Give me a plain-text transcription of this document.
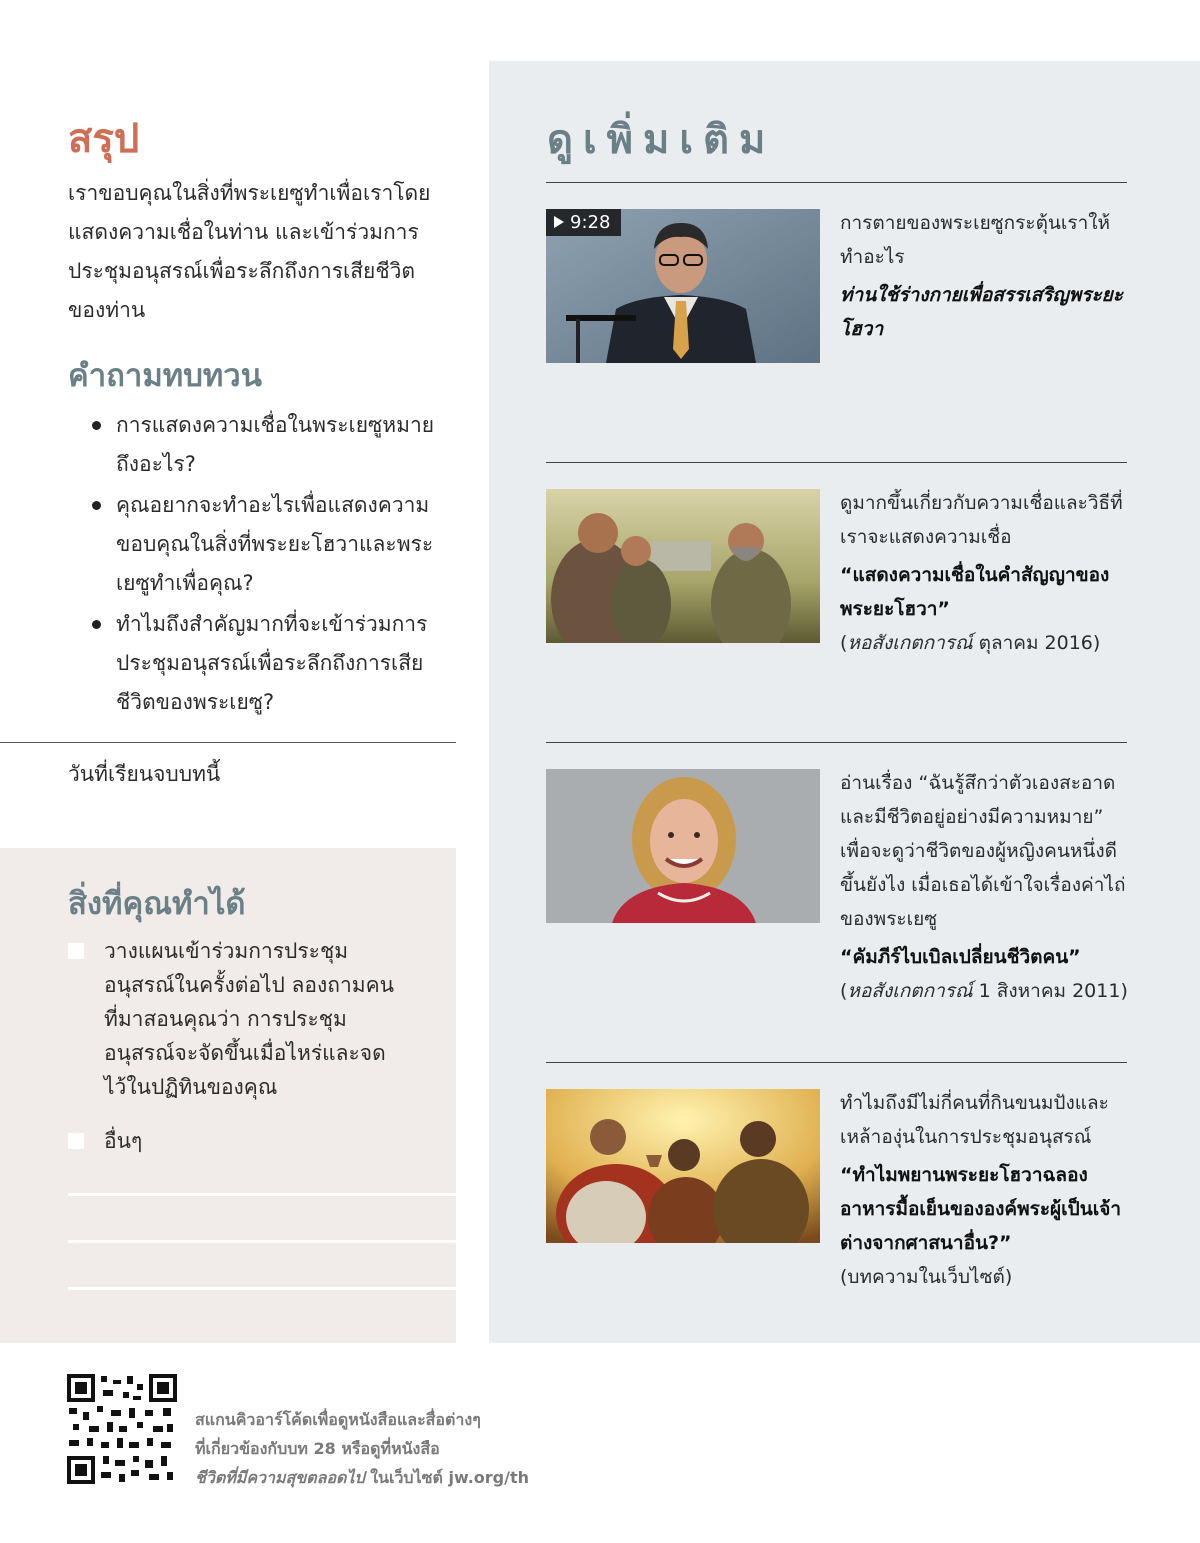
สรุป

เราขอบคุณในสิ่งที่พระเยซูทำเพื่อเราโดยแสดงความเชื่อในท่าน และเข้าร่วมการประชุมอนุสรณ์เพื่อระลึกถึงการเสียชีวิตของท่าน

คำถามทบทวน
การแสดงความเชื่อในพระเยซูหมายถึงอะไร?
คุณอยากจะทำอะไรเพื่อแสดงความขอบคุณในสิ่งที่พระยะโฮวาและพระเยซูทำเพื่อคุณ?
ทำไมถึงสำคัญมากที่จะเข้าร่วมการประชุมอนุสรณ์เพื่อระลึกถึงการเสียชีวิตของพระเยซู?
วันที่เรียนจบบทนี้
สิ่งที่คุณทำได้
วางแผนเข้าร่วมการประชุมอนุสรณ์ในครั้งต่อไป ลองถามคนที่มาสอนคุณว่า การประชุมอนุสรณ์จะจัดขึ้นเมื่อไหร่และจดไว้ในปฏิทินของคุณ
อื่นๆ
ดูเพิ่มเติม
9:28	การตายของพระเยซูกระตุ้นเราให้ทำอะไร
ท่านใช้ร่างกายเพื่อสรรเสริญพระยะโฮวา
ดูมากขึ้นเกี่ยวกับความเชื่อและวิธีที่เราจะแสดงความเชื่อ
“แสดงความเชื่อในคำสัญญาของพระยะโฮวา”
(หอสังเกตการณ์ ตุลาคม 2016)
อ่านเรื่อง “ฉันรู้สึกว่าตัวเองสะอาด และมีชีวิตอยู่อย่างมีความหมาย” เพื่อจะดูว่าชีวิตของผู้หญิงคนหนึ่งดีขึ้นยังไง เมื่อเธอได้เข้าใจเรื่องค่าไถ่ของพระเยซู
“คัมภีร์ไบเบิลเปลี่ยนชีวิตคน”
(หอสังเกตการณ์ 1 สิงหาคม 2011)
ทำไมถึงมีไม่กี่คนที่กินขนมปังและเหล้าองุ่นในการประชุมอนุสรณ์
“ทำไมพยานพระยะโฮวาฉลองอาหารมื้อเย็นขององค์พระผู้เป็นเจ้าต่างจากศาสนาอื่น?”
(บทความในเว็บไซต์)
สแกนคิวอาร์โค้ดเพื่อดูหนังสือและสื่อต่างๆ
ที่เกี่ยวข้องกับบท 28 หรือดูที่หนังสือ
ชีวิตที่มีความสุขตลอดไป ในเว็บไซต์ jw.org/th
